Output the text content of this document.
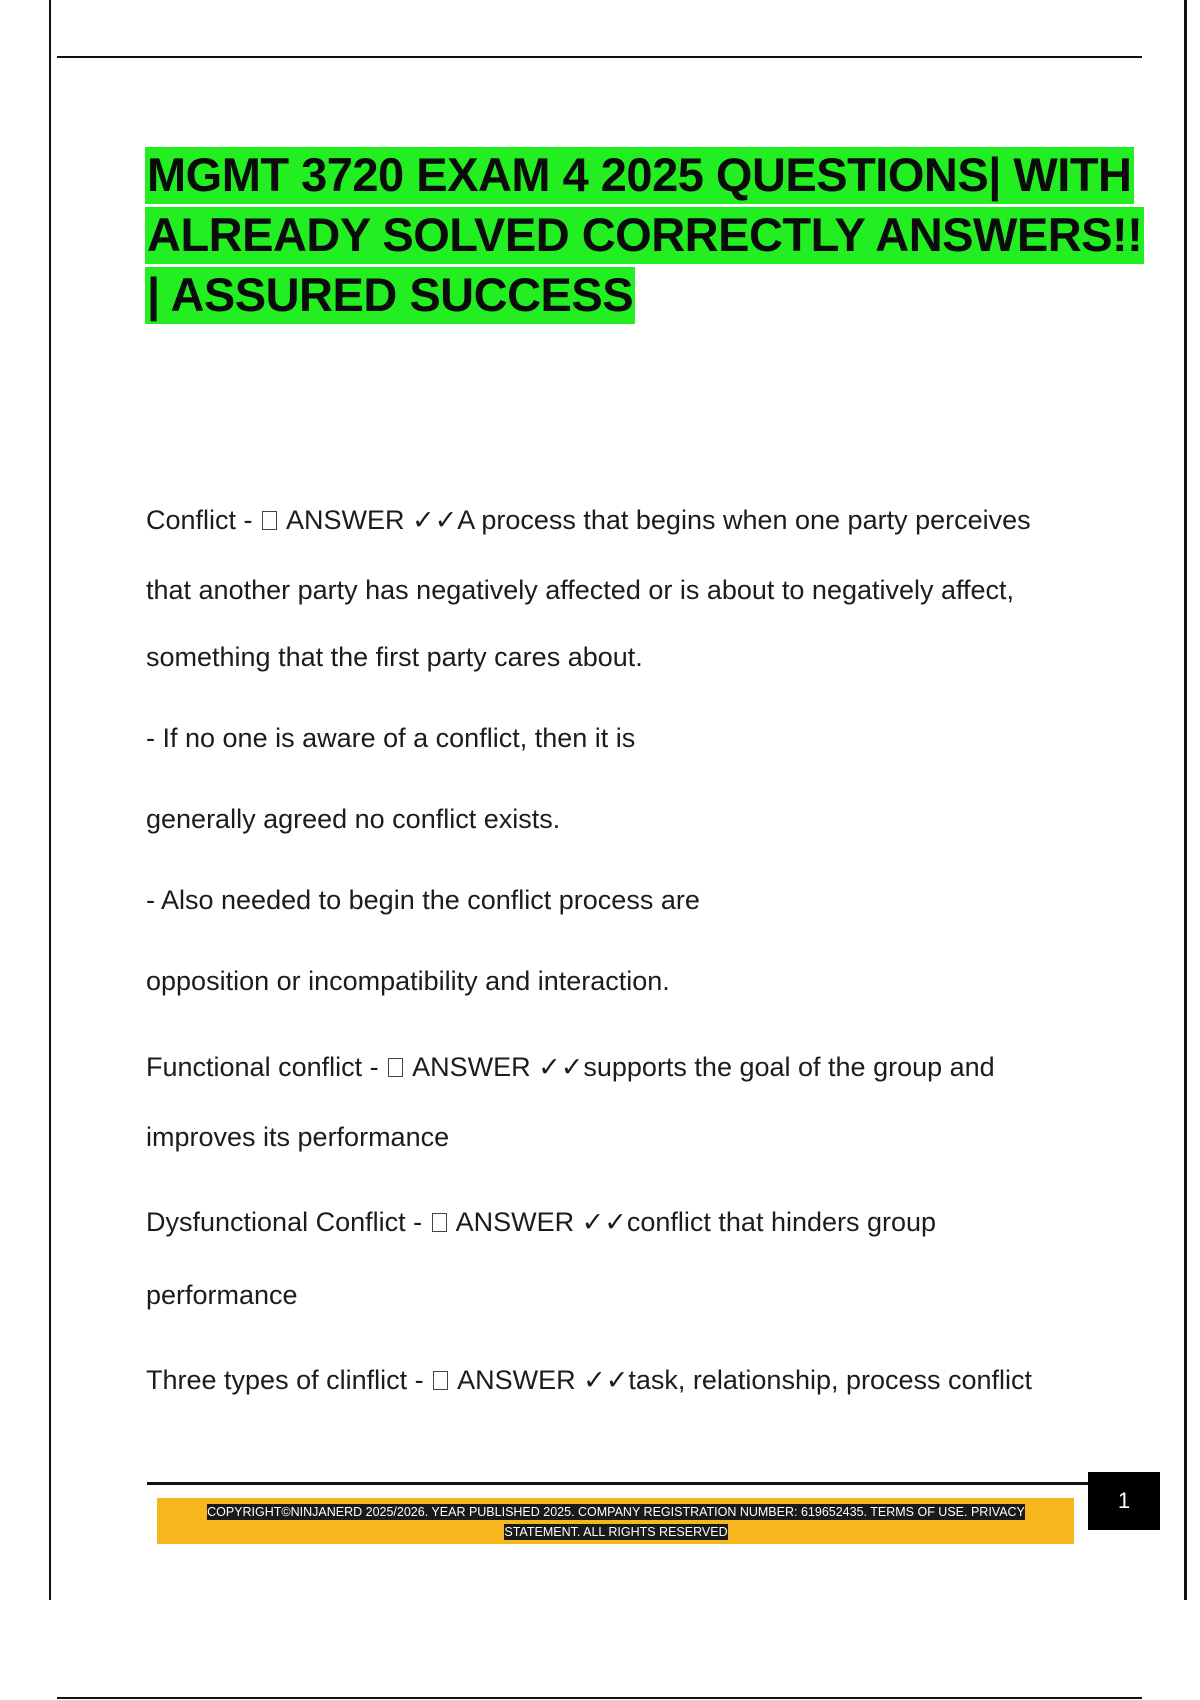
MGMT 3720 EXAM 4 2025 QUESTIONS| WITH ALREADY SOLVED CORRECTLY ANSWERS!! | ASSURED SUCCESS
Conflict -  ANSWER ✓✓A process that begins when one party perceives
that another party has negatively affected or is about to negatively affect,
something that the first party cares about.
- If no one is aware of a conflict, then it is
generally agreed no conflict exists.
- Also needed to begin the conflict process are
opposition or incompatibility and interaction.
Functional conflict -  ANSWER ✓✓supports the goal of the group and
improves its performance
Dysfunctional Conflict -  ANSWER ✓✓conflict that hinders group
performance
Three types of clinflict -  ANSWER ✓✓task, relationship, process conflict
COPYRIGHT©NINJANERD 2025/2026. YEAR PUBLISHED 2025. COMPANY REGISTRATION NUMBER: 619652435. TERMS OF USE. PRIVACY STATEMENT. ALL RIGHTS RESERVED
1
